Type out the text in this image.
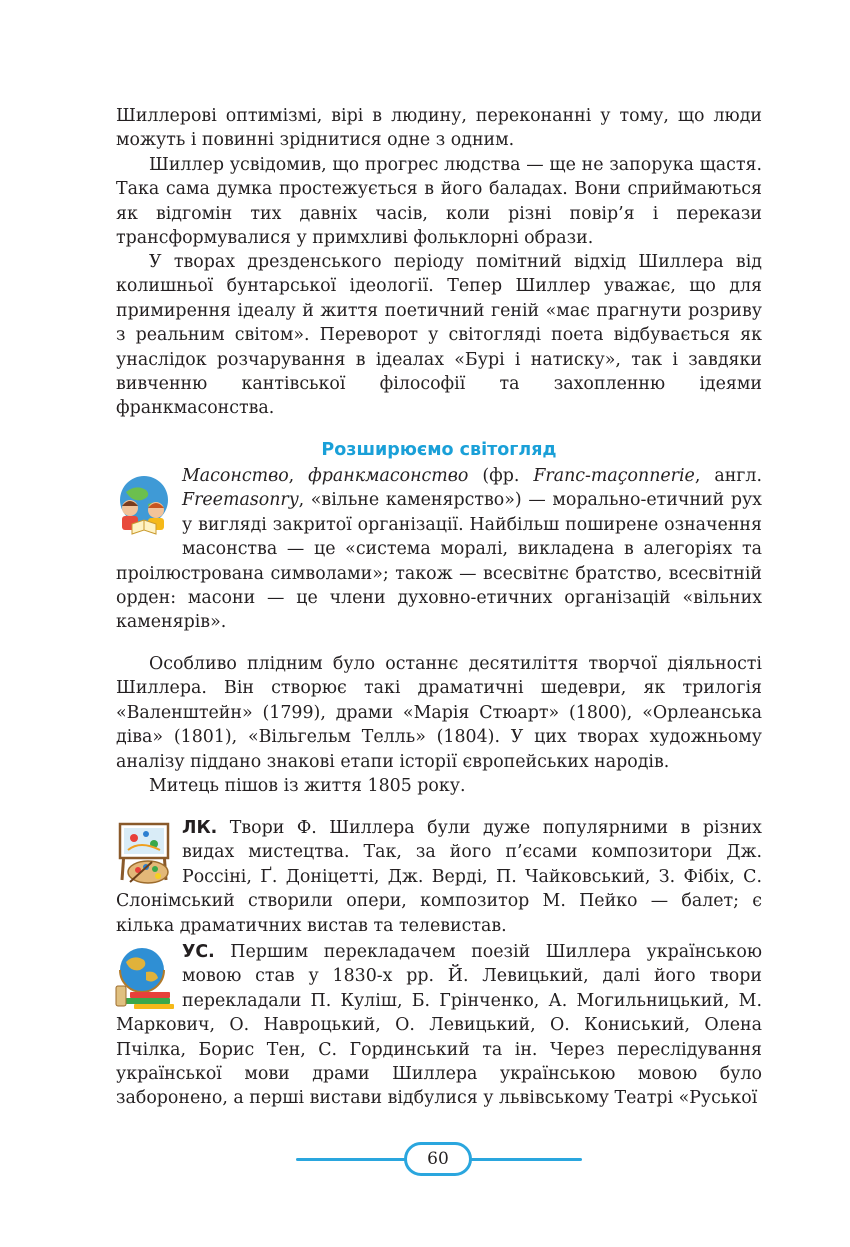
Шиллерові оптимізмі, вірі в людину, переконанні у тому, що люди можуть і повинні зріднитися одне з одним.

Шиллер усвідомив, що прогрес людства — ще не запорука щастя. Така сама думка простежується в його баладах. Вони сприймаються як відгомін тих давніх часів, коли різні повір’я і перекази трансформувалися у примхливі фольклорні образи.

У творах дрезденського періоду помітний відхід Шиллера від колишньої бунтарської ідеології. Тепер Шиллер уважає, що для примирення ідеалу й життя поетичний геній «має прагнути розриву з реальним світом». Переворот у світогляді поета відбувається як унаслідок розчарування в ідеалах «Бурі і натиску», так і завдяки вивченню кантівської філософії та захопленню ідеями франкмасонства.

Розширюємо світогляд
Масонство, франкмасонство (фр. Franc-maçonnerie, англ. Freemasonry, «вільне каменярство») — морально-етичний рух у вигляді закритої організації. Найбільш поширене означення масонства — це «система моралі, викладена в алегоріях та проілюстрована символами»; також — всесвітнє братство, всесвітній орден: масони — це члени духовно-етичних організацій «вільних каменярів».

Особливо плідним було останнє десятиліття творчої діяльності Шиллера. Він створює такі драматичні шедеври, як трилогія «Валенштейн» (1799), драми «Марія Стюарт» (1800), «Орлеанська діва» (1801), «Вільгельм Телль» (1804). У цих творах художньому аналізу піддано знакові етапи історії європейських народів.

Митець пішов із життя 1805 року.

ЛК. Твори Ф. Шиллера були дуже популярними в різних видах мистецтва. Так, за його п’єсами композитори Дж. Россіні, Ґ. Доніцетті, Дж. Верді, П. Чайковський, З. Фібіх, С. Слонімський створили опери, композитор М. Пейко — балет; є кілька драматичних вистав та телевистав.
УС. Першим перекладачем поезій Шиллера українською мовою став у 1830-х рр. Й. Левицький, далі його твори перекладали П. Куліш, Б. Грінченко, А. Могильницький, М. Маркович, О. Навроцький, О. Левицький, О. Кониський, Олена Пчілка, Борис Тен, С. Гординський та ін. Через переслідування української мови драми Шиллера українською мовою було заборонено, а перші вистави відбулися у львівському Театрі «Руської
60
